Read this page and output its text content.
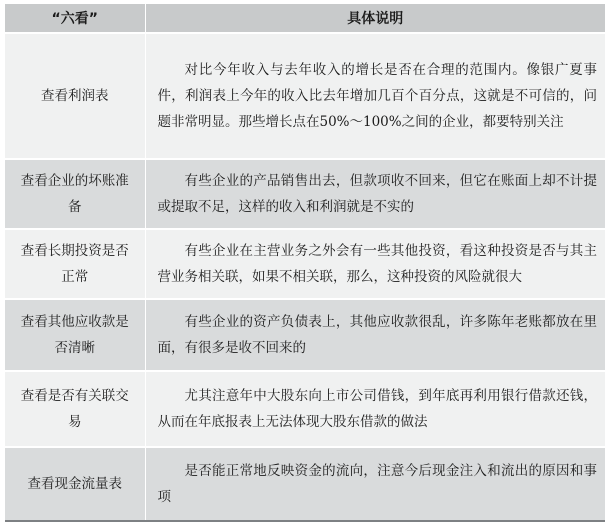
“六看”	具体说明
查看利润表	对比今年收入与去年收入的增长是否在合理的范围内。像银广夏事件，利润表上今年的收入比去年增加几百个百分点，这就是不可信的，问题非常明显。那些增长点在50%～100%之间的企业，都要特别关注
查看企业的坏账准备	有些企业的产品销售出去，但款项收不回来，但它在账面上却不计提或提取不足，这样的收入和利润就是不实的
查看长期投资是否正常	有些企业在主营业务之外会有一些其他投资，看这种投资是否与其主营业务相关联，如果不相关联，那么，这种投资的风险就很大
查看其他应收款是否清晰	有些企业的资产负债表上，其他应收款很乱，许多陈年老账都放在里面，有很多是收不回来的
查看是否有关联交易	尤其注意年中大股东向上市公司借钱，到年底再利用银行借款还钱，从而在年底报表上无法体现大股东借款的做法
查看现金流量表	是否能正常地反映资金的流向，注意今后现金注入和流出的原因和事项
